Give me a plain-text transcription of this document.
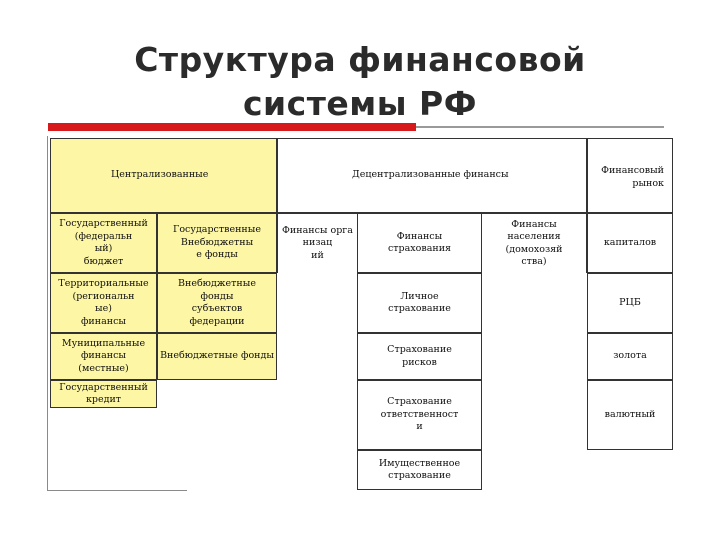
Структура финансовой
системы РФ
Централизованные	Децентрализованные финансы	Финансовый
рынок
Государственный
(федеральн
ый)
бюджет
Территориальные
(региональн
ые)
финансы
Муниципальные
финансы
(местные)
Государственный
кредит
Государственные
Внебюджетны
е фонды
Внебюджетные
фонды
субъектов
федерации
Внебюджетные фонды
Финансы орга
низац
ий
Финансы
страхования
Личное
страхование
Страхование
рисков
Страхование
ответственност
и
Имущественное
страхование
Финансы
населения
(домохозяй
ства)
капиталов
РЦБ
золота
валютный
